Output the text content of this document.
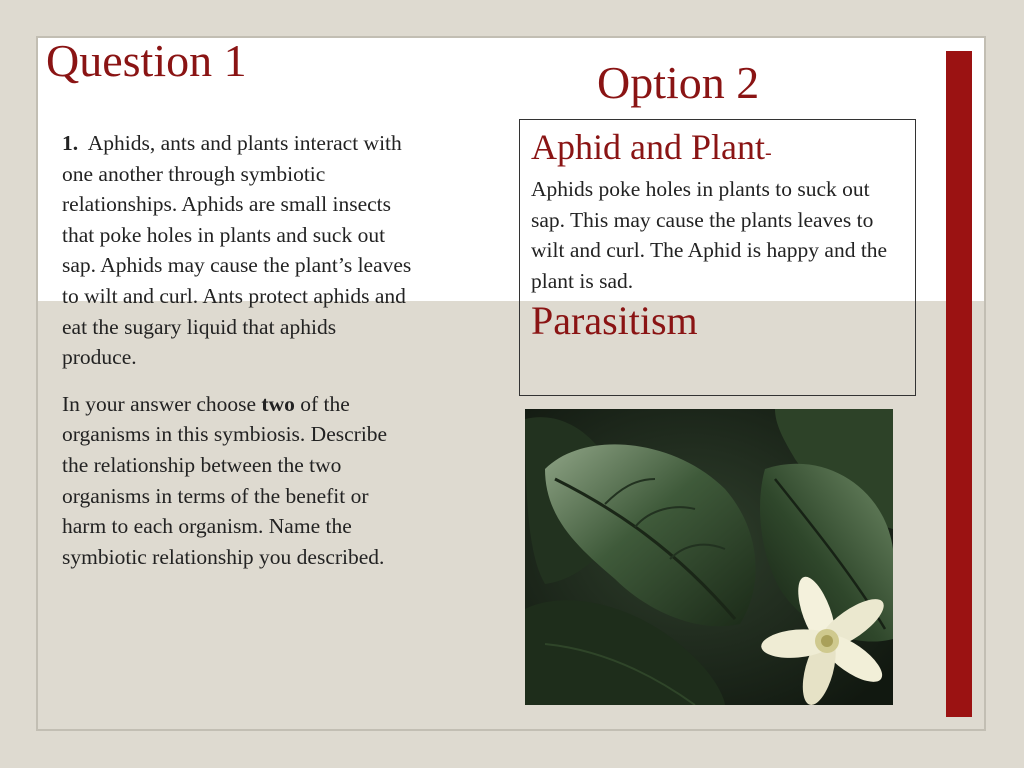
Question 1	Option 2

1. Aphids, ants and plants interact with one another through symbiotic relationships. Aphids are small insects that poke holes in plants and suck out sap. Aphids may cause the plant’s leaves to wilt and curl. Ants protect aphids and eat the sugary liquid that aphids produce.

In your answer choose two of the organisms in this symbiosis. Describe the relationship between the two organisms in terms of the benefit or harm to each organism. Name the symbiotic relationship you described.

Aphid and Plant-
Aphids poke holes in plants to suck out sap. This may cause the plants leaves to wilt and curl. The Aphid is happy and the plant is sad.
Parasitism
